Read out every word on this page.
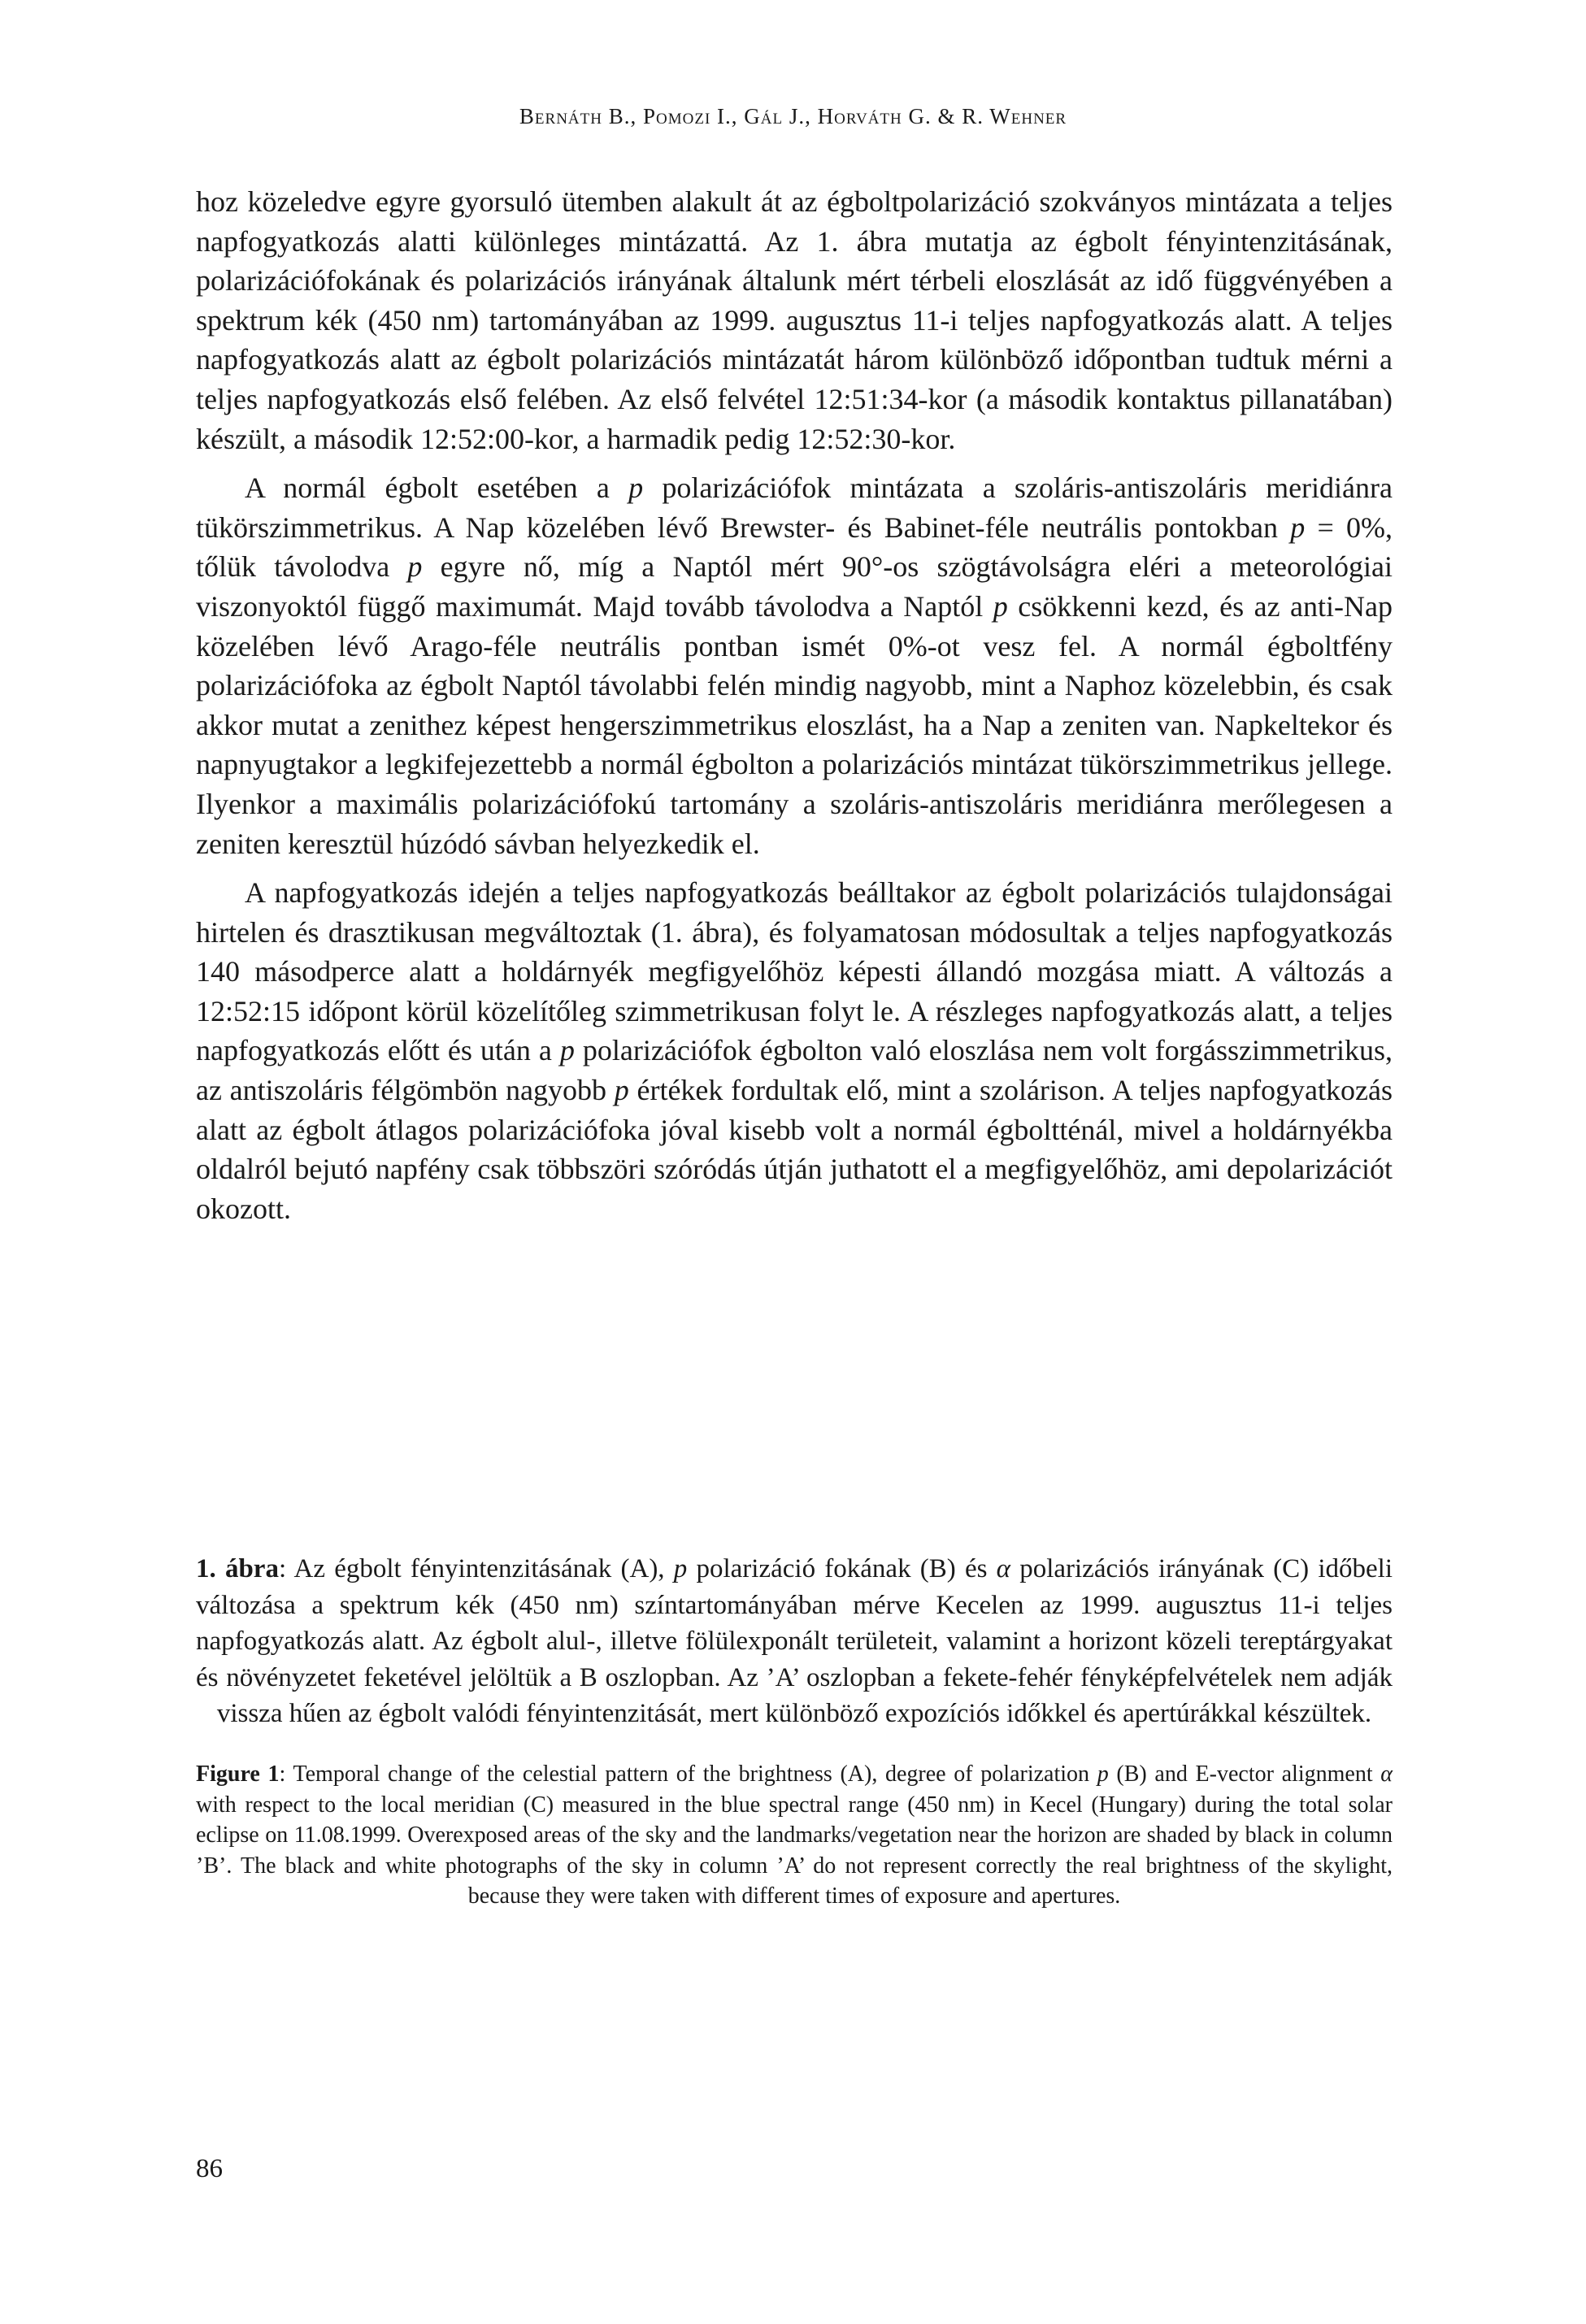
Bernáth B., Pomozi I., Gál J., Horváth G. & R. Wehner

hoz közeledve egyre gyorsuló ütemben alakult át az égboltpolarizáció szokványos mintázata a teljes napfogyatkozás alatti különleges mintázattá. Az 1. ábra mutatja az égbolt fényintenzitásának, polarizációfokának és polarizációs irányának általunk mért térbeli eloszlását az idő függvényében a spektrum kék (450 nm) tartományában az 1999. augusztus 11-i teljes napfogyatkozás alatt. A teljes napfogyatkozás alatt az égbolt polarizációs mintázatát három különböző időpontban tudtuk mérni a teljes napfogyatkozás első felében. Az első felvétel 12:51:34-kor (a második kontaktus pillanatában) készült, a második 12:52:00-kor, a harmadik pedig 12:52:30-kor.

A normál égbolt esetében a p polarizációfok mintázata a szoláris-antiszoláris meridiánra tükörszimmetrikus. A Nap közelében lévő Brewster- és Babinet-féle neutrális pontokban p = 0%, tőlük távolodva p egyre nő, míg a Naptól mért 90°-os szögtávolságra eléri a meteorológiai viszonyoktól függő maximumát. Majd tovább távolodva a Naptól p csökkenni kezd, és az anti-Nap közelében lévő Arago-féle neutrális pontban ismét 0%-ot vesz fel. A normál égboltfény polarizációfoka az égbolt Naptól távolabbi felén mindig nagyobb, mint a Naphoz közelebbin, és csak akkor mutat a zenithez képest hengerszimmetrikus eloszlást, ha a Nap a zeniten van. Napkeltekor és napnyugtakor a legkifejezettebb a normál égbolton a polarizációs mintázat tükörszimmetrikus jellege. Ilyenkor a maximális polarizációfokú tartomány a szoláris-antiszoláris meridiánra merőlegesen a zeniten keresztül húzódó sávban helyezkedik el.

A napfogyatkozás idején a teljes napfogyatkozás beálltakor az égbolt polarizációs tulajdonságai hirtelen és drasztikusan megváltoztak (1. ábra), és folyamatosan módosultak a teljes napfogyatkozás 140 másodperce alatt a holdárnyék megfigyelőhöz képesti állandó mozgása miatt. A változás a 12:52:15 időpont körül közelítőleg szimmetrikusan folyt le. A részleges napfogyatkozás alatt, a teljes napfogyatkozás előtt és után a p polarizációfok égbolton való eloszlása nem volt forgásszimmetrikus, az antiszoláris félgömbön nagyobb p értékek fordultak elő, mint a szolárison. A teljes napfogyatkozás alatt az égbolt átlagos polarizációfoka jóval kisebb volt a normál égboltténál, mivel a holdárnyékba oldalról bejutó napfény csak többszöri szóródás útján juthatott el a megfigyelőhöz, ami depolarizációt okozott.

1. ábra: Az égbolt fényintenzitásának (A), p polarizáció fokának (B) és α polarizációs irányának (C) időbeli változása a spektrum kék (450 nm) színtartományában mérve Kecelen az 1999. augusztus 11-i teljes napfogyatkozás alatt. Az égbolt alul-, illetve fölülexponált területeit, valamint a horizont közeli tereptárgyakat és növényzetet feketével jelöltük a B oszlopban. Az ’A’ oszlopban a fekete-fehér fényképfelvételek nem adják vissza hűen az égbolt valódi fényintenzitását, mert különböző expozíciós időkkel és apertúrákkal készültek.
Figure 1: Temporal change of the celestial pattern of the brightness (A), degree of polarization p (B) and E-vector alignment α with respect to the local meridian (C) measured in the blue spectral range (450 nm) in Kecel (Hungary) during the total solar eclipse on 11.08.1999. Overexposed areas of the sky and the landmarks/vegetation near the horizon are shaded by black in column ’B’. The black and white photographs of the sky in column ’A’ do not represent correctly the real brightness of the skylight, because they were taken with different times of exposure and apertures.
86
